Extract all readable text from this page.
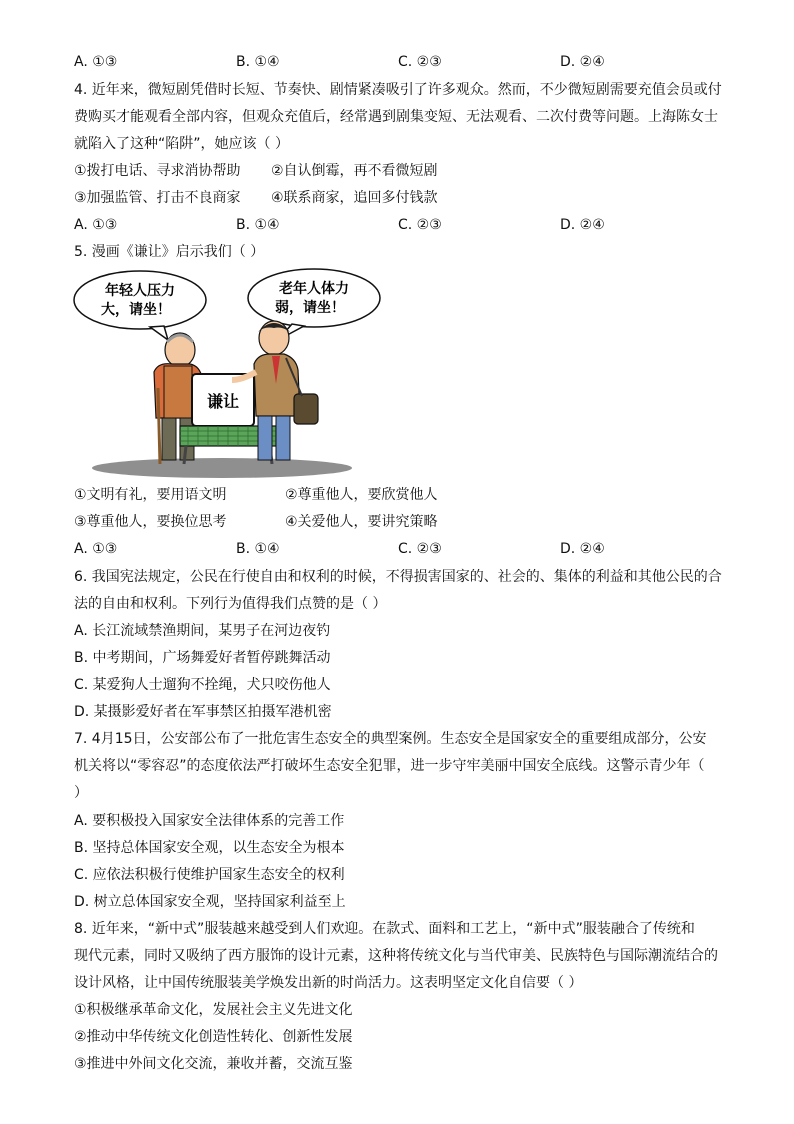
A. ①③	B. ①④	C. ②③	D. ②④
4. 近年来，微短剧凭借时长短、节奏快、剧情紧凑吸引了许多观众。然而，不少微短剧需要充值会员或付
费购买才能观看全部内容，但观众充值后，经常遇到剧集变短、无法观看、二次付费等问题。上海陈女士
就陷入了这种“陷阱”，她应该（ ）
①拨打电话、寻求消协帮助 ②自认倒霉，再不看微短剧
③加强监管、打击不良商家 ④联系商家，追回多付钱款
A. ①③	B. ①④	C. ②③	D. ②④
5. 漫画《谦让》启示我们（ ）
年轻人压力
大，请坐！
老年人体力
弱，请坐！
谦让
①文明有礼，要用语文明	②尊重他人，要欣赏他人
③尊重他人，要换位思考	④关爱他人，要讲究策略
A. ①③	B. ①④	C. ②③	D. ②④
6. 我国宪法规定，公民在行使自由和权利的时候，不得损害国家的、社会的、集体的利益和其他公民的合
法的自由和权利。下列行为值得我们点赞的是（ ）
A. 长江流域禁渔期间，某男子在河边夜钓
B. 中考期间，广场舞爱好者暂停跳舞活动
C. 某爱狗人士遛狗不拴绳，犬只咬伤他人
D. 某摄影爱好者在军事禁区拍摄军港机密
7. 4月15日，公安部公布了一批危害生态安全的典型案例。生态安全是国家安全的重要组成部分，公安
机关将以“零容忍”的态度依法严打破坏生态安全犯罪，进一步守牢美丽中国安全底线。这警示青少年（
）
A. 要积极投入国家安全法律体系的完善工作
B. 坚持总体国家安全观，以生态安全为根本
C. 应依法积极行使维护国家生态安全的权利
D. 树立总体国家安全观，坚持国家利益至上
8. 近年来，“新中式”服装越来越受到人们欢迎。在款式、面料和工艺上，“新中式”服装融合了传统和
现代元素，同时又吸纳了西方服饰的设计元素，这种将传统文化与当代审美、民族特色与国际潮流结合的
设计风格，让中国传统服装美学焕发出新的时尚活力。这表明坚定文化自信要（ ）
①积极继承革命文化，发展社会主义先进文化
②推动中华传统文化创造性转化、创新性发展
③推进中外间文化交流，兼收并蓄，交流互鉴
